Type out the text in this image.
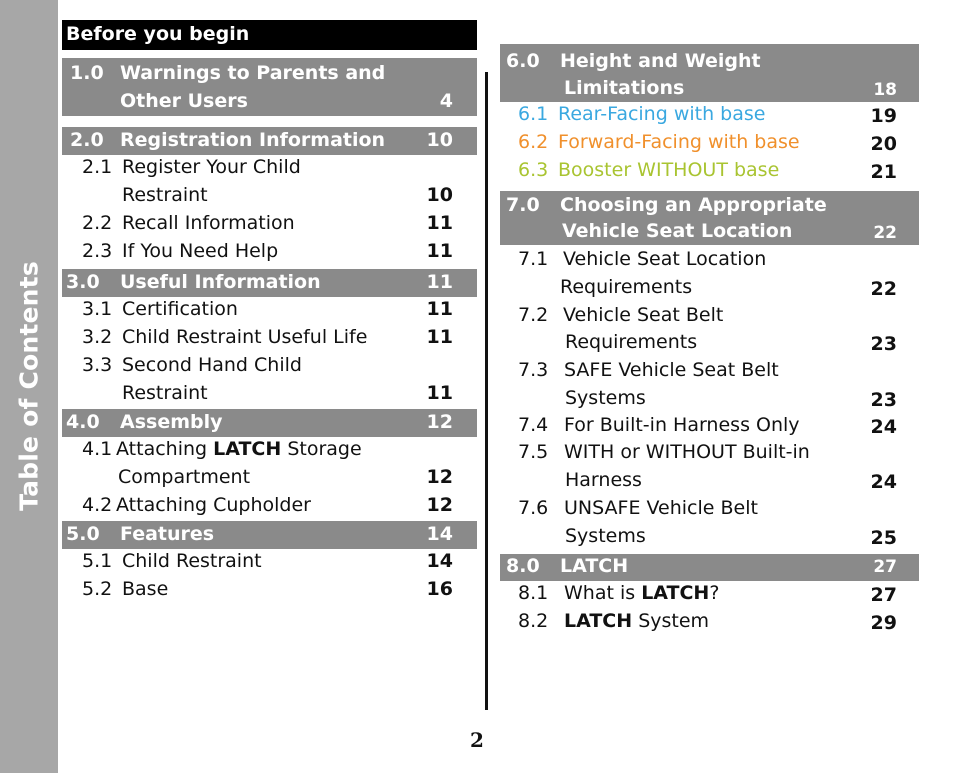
Table of Contents
Before you begin
1.0 Warnings to Parents and
Other Users	4
2.0 Registration Information	10
2.1 Register Your Child
Restraint	10
2.2 Recall Information	11
2.3 If You Need Help	11
3.0 Useful Information	11
3.1 Certification	11
3.2 Child Restraint Useful Life	11
3.3 Second Hand Child
Restraint	11
4.0 Assembly	12
4.1 Attaching LATCH Storage
Compartment	12
4.2 Attaching Cupholder	12
5.0 Features	14
5.1 Child Restraint	14
5.2 Base	16
6.0 Height and Weight
Limitations	18
6.1 Rear-Facing with base	19
6.2 Forward-Facing with base	20
6.3 Booster WITHOUT base	21
7.0 Choosing an Appropriate
Vehicle Seat Location	22
7.1 Vehicle Seat Location
Requirements	22
7.2 Vehicle Seat Belt
Requirements	23
7.3 SAFE Vehicle Seat Belt
Systems	23
7.4 For Built-in Harness Only	24
7.5 WITH or WITHOUT Built-in
Harness	24
7.6 UNSAFE Vehicle Belt
Systems	25
8.0 LATCH	27
8.1 What is LATCH?	27
8.2 LATCH System	29
2
